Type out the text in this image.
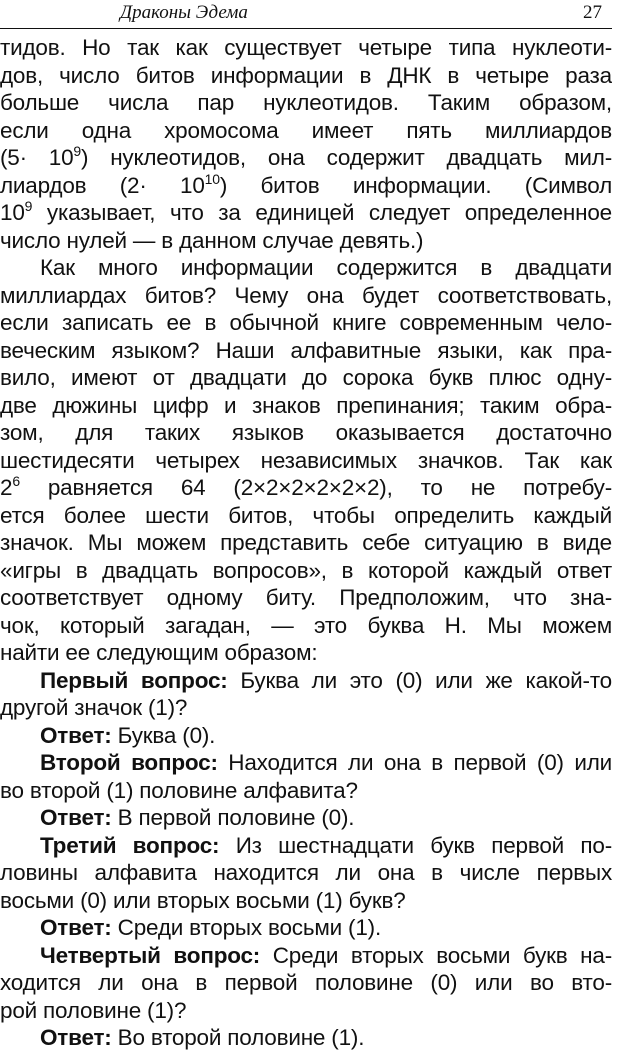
Драконы Эдема	27
тидов. Но так как существует четыре типа нуклеоти-
дов, число битов информации в ДНК в четыре раза
больше числа пар нуклеотидов. Таким образом,
если одна хромосома имеет пять миллиардов
$(5\cdot 10^9)$ нуклеотидов, она содержит двадцать мил-
лиардов $(2\cdot 10^{10})$ битов информации. (Символ
$10^9$ указывает, что за единицей следует определенное
число нулей — в данном случае девять.)
Как много информации содержится в двадцати
миллиардах битов? Чему она будет соответствовать,
если записать ее в обычной книге современным чело-
веческим языком? Наши алфавитные языки, как пра-
вило, имеют от двадцати до сорока букв плюс одну-
две дюжины цифр и знаков препинания; таким обра-
зом, для таких языков оказывается достаточно
шестидесяти четырех независимых значков. Так как
$2^6$ равняется 64 (2×2×2×2×2×2), то не потребу-
ется более шести битов, чтобы определить каждый
значок. Мы можем представить себе ситуацию в виде
«игры в двадцать вопросов», в которой каждый ответ
соответствует одному биту. Предположим, что зна-
чок, который загадан, — это буква Н. Мы можем
найти ее следующим образом:
Первый вопрос: Буква ли это (0) или же какой-то
другой значок (1)?
Ответ: Буква (0).
Второй вопрос: Находится ли она в первой (0) или
во второй (1) половине алфавита?
Ответ: В первой половине (0).
Третий вопрос: Из шестнадцати букв первой по-
ловины алфавита находится ли она в числе первых
восьми (0) или вторых восьми (1) букв?
Ответ: Среди вторых восьми (1).
Четвертый вопрос: Среди вторых восьми букв на-
ходится ли она в первой половине (0) или во вто-
рой половине (1)?
Ответ: Во второй половине (1).
